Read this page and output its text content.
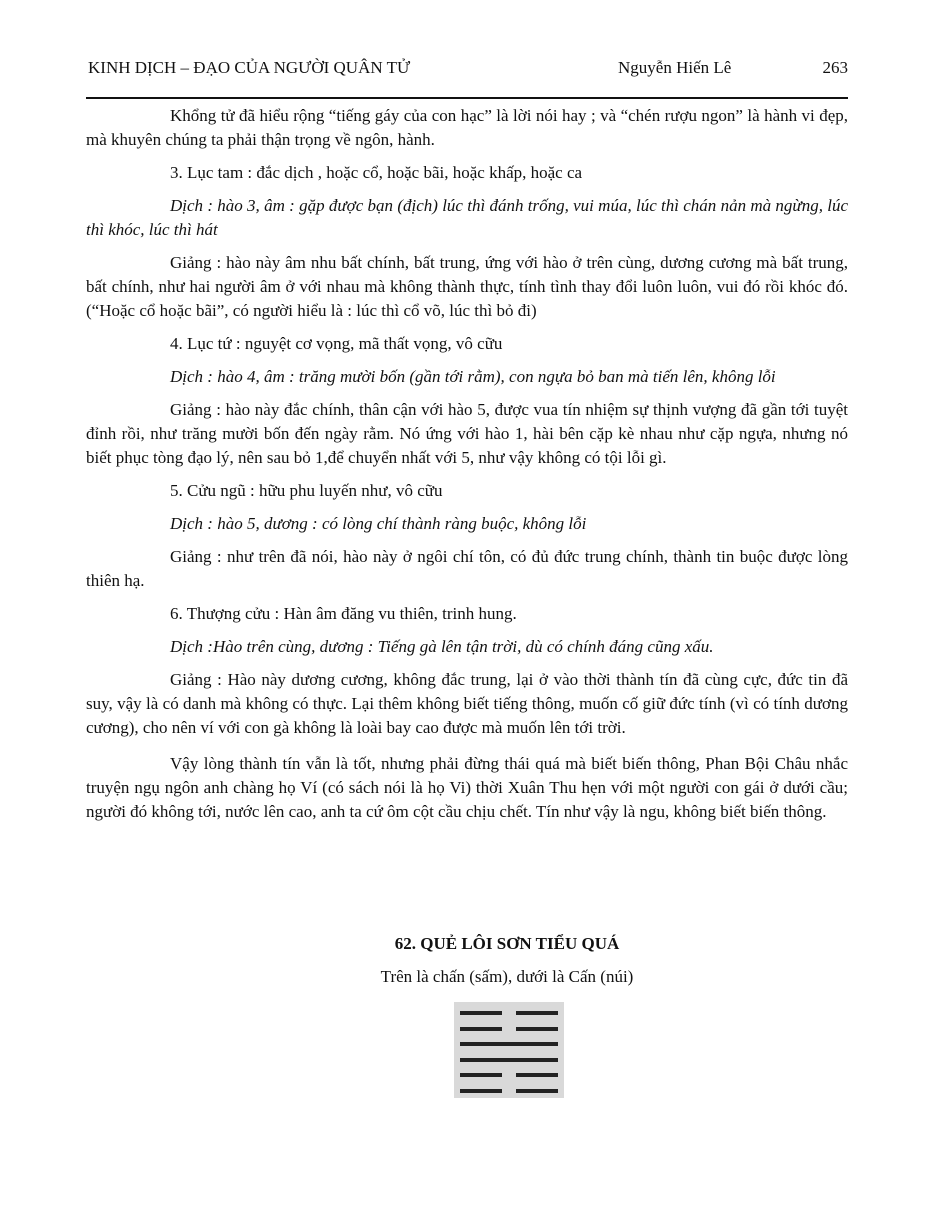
KINH DỊCH – ĐẠO CỦA NGƯỜI QUÂN TỬ	Nguyễn Hiến Lê	263

Khổng tử đã hiểu rộng “tiếng gáy của con hạc” là lời nói hay ; và “chén rượu ngon” là hành vi đẹp, mà khuyên chúng ta phải thận trọng về ngôn, hành.

3. Lục tam : đắc dịch , hoặc cổ, hoặc bãi, hoặc khấp, hoặc ca

Dịch : hào 3, âm : gặp được bạn (địch) lúc thì đánh trống, vui múa, lúc thì chán nản mà ngừng, lúc thì khóc, lúc thì hát

Giảng : hào này âm nhu bất chính, bất trung, ứng với hào ở trên cùng, dương cương mà bất trung, bất chính, như hai người âm ở với nhau mà không thành thực, tính tình thay đổi luôn luôn, vui đó rồi khóc đó. (“Hoặc cổ hoặc bãi”, có người hiểu là : lúc thì cổ võ, lúc thì bỏ đi)

4. Lục tứ : nguyệt cơ vọng, mã thất vọng, vô cữu

Dịch : hào 4, âm : trăng mười bốn (gần tới rằm), con ngựa bỏ ban mà tiến lên, không lỗi

Giảng : hào này đắc chính, thân cận với hào 5, được vua tín nhiệm sự thịnh vượng đã gần tới tuyệt đỉnh rồi, như trăng mười bốn đến ngày rằm. Nó ứng với hào 1, hài bên cặp kè nhau như cặp ngựa, nhưng nó biết phục tòng đạo lý, nên sau bỏ 1,để chuyển nhất với 5, như vậy không có tội lỗi gì.

5. Cửu ngũ : hữu phu luyến như, vô cữu

Dịch : hào 5, dương : có lòng chí thành ràng buộc, không lỗi

Giảng : như trên đã nói, hào này ở ngôi chí tôn, có đủ đức trung chính, thành tin buộc được lòng thiên hạ.

6. Thượng cửu : Hàn âm đăng vu thiên, trinh hung.

Dịch :Hào trên cùng, dương : Tiếng gà lên tận trời, dù có chính đáng cũng xấu.

Giảng : Hào này dương cương, không đắc trung, lại ở vào thời thành tín đã cùng cực, đức tin đã suy, vậy là có danh mà không có thực. Lại thêm không biết tiếng thông, muốn cố giữ đức tính (vì có tính dương cương), cho nên ví với con gà không là loài bay cao được mà muốn lên tới trời.

Vậy lòng thành tín vẫn là tốt, nhưng phải đừng thái quá mà biết biến thông, Phan Bội Châu nhắc truyện ngụ ngôn anh chàng họ Ví (có sách nói là họ Vi) thời Xuân Thu hẹn với một người con gái ở dưới cầu; người đó không tới, nước lên cao, anh ta cứ ôm cột cầu chịu chết. Tín như vậy là ngu, không biết biến thông.

62. QUẺ LÔI SƠN TIỂU QUÁ
Trên là chấn (sấm), dưới là Cấn (núi)
